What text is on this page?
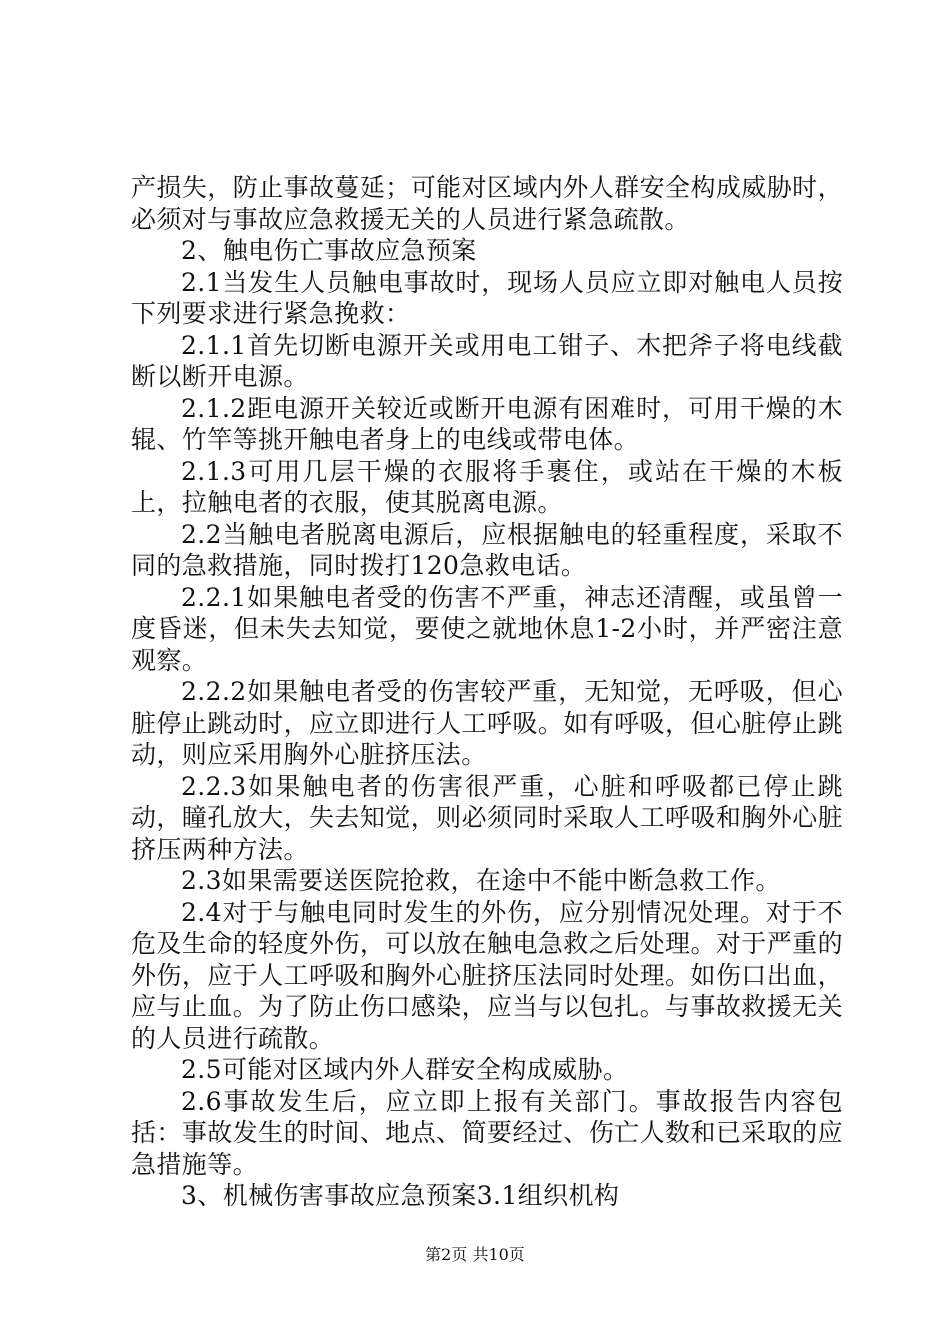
产损失，防止事故蔓延；可能对区域内外人群安全构成威胁时，必须对与事故应急救援无关的人员进行紧急疏散。

2、触电伤亡事故应急预案

2.1当发生人员触电事故时，现场人员应立即对触电人员按下列要求进行紧急挽救：

2.1.1首先切断电源开关或用电工钳子、木把斧子将电线截断以断开电源。

2.1.2距电源开关较近或断开电源有困难时，可用干燥的木辊、竹竿等挑开触电者身上的电线或带电体。

2.1.3可用几层干燥的衣服将手裹住，或站在干燥的木板上，拉触电者的衣服，使其脱离电源。

2.2当触电者脱离电源后，应根据触电的轻重程度，采取不同的急救措施，同时拨打120急救电话。

2.2.1如果触电者受的伤害不严重，神志还清醒，或虽曾一度昏迷，但未失去知觉，要使之就地休息1-2小时，并严密注意观察。

2.2.2如果触电者受的伤害较严重，无知觉，无呼吸，但心脏停止跳动时，应立即进行人工呼吸。如有呼吸，但心脏停止跳动，则应采用胸外心脏挤压法。

2.2.3如果触电者的伤害很严重，心脏和呼吸都已停止跳动，瞳孔放大，失去知觉，则必须同时采取人工呼吸和胸外心脏挤压两种方法。

2.3如果需要送医院抢救，在途中不能中断急救工作。

2.4对于与触电同时发生的外伤，应分别情况处理。对于不危及生命的轻度外伤，可以放在触电急救之后处理。对于严重的外伤，应于人工呼吸和胸外心脏挤压法同时处理。如伤口出血，应与止血。为了防止伤口感染，应当与以包扎。与事故救援无关的人员进行疏散。

2.5可能对区域内外人群安全构成威胁。

2.6事故发生后，应立即上报有关部门。事故报告内容包括：事故发生的时间、地点、简要经过、伤亡人数和已采取的应急措施等。

3、机械伤害事故应急预案3.1组织机构

第2页 共10页
